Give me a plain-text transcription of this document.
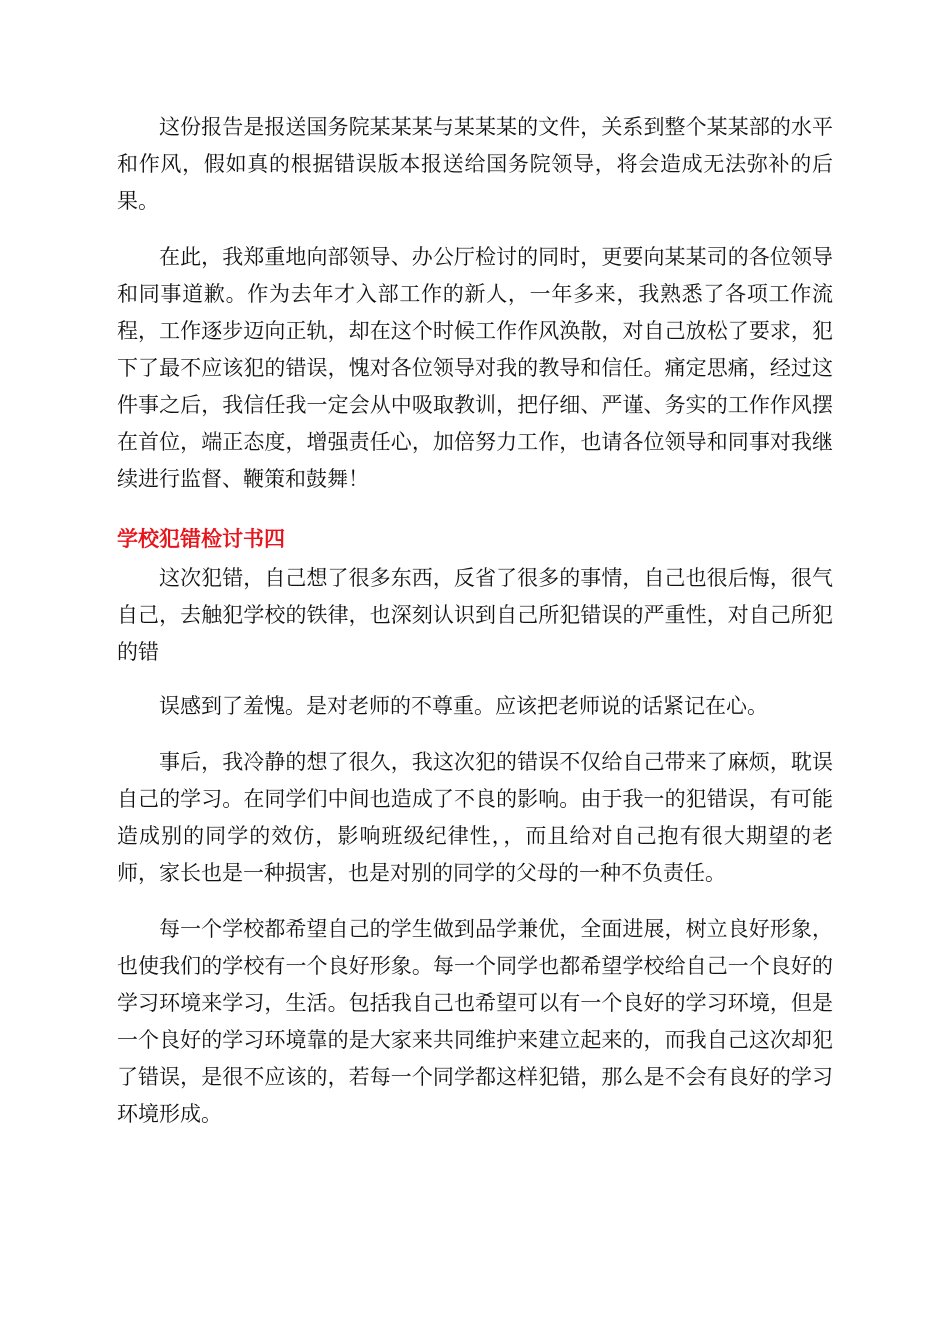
这份报告是报送国务院某某某与某某某的文件，关系到整个某某部的水平和作风，假如真的根据错误版本报送给国务院领导，将会造成无法弥补的后果。

在此，我郑重地向部领导、办公厅检讨的同时，更要向某某司的各位领导和同事道歉。作为去年才入部工作的新人，一年多来，我熟悉了各项工作流程，工作逐步迈向正轨，却在这个时候工作作风涣散，对自己放松了要求，犯下了最不应该犯的错误，愧对各位领导对我的教导和信任。痛定思痛，经过这件事之后，我信任我一定会从中吸取教训，把仔细、严谨、务实的工作作风摆在首位，端正态度，增强责任心，加倍努力工作，也请各位领导和同事对我继续进行监督、鞭策和鼓舞！

学校犯错检讨书四

这次犯错，自己想了很多东西，反省了很多的事情，自己也很后悔，很气自己，去触犯学校的铁律，也深刻认识到自己所犯错误的严重性，对自己所犯的错

误感到了羞愧。是对老师的不尊重。应该把老师说的话紧记在心。

事后，我冷静的想了很久，我这次犯的错误不仅给自己带来了麻烦，耽误自己的学习。在同学们中间也造成了不良的影响。由于我一的犯错误，有可能造成别的同学的效仿，影响班级纪律性，，而且给对自己抱有很大期望的老师，家长也是一种损害，也是对别的同学的父母的一种不负责任。

每一个学校都希望自己的学生做到品学兼优，全面进展，树立良好形象，也使我们的学校有一个良好形象。每一个同学也都希望学校给自己一个良好的学习环境来学习，生活。包括我自己也希望可以有一个良好的学习环境，但是一个良好的学习环境靠的是大家来共同维护来建立起来的，而我自己这次却犯了错误，是很不应该的，若每一个同学都这样犯错，那么是不会有良好的学习环境形成。
